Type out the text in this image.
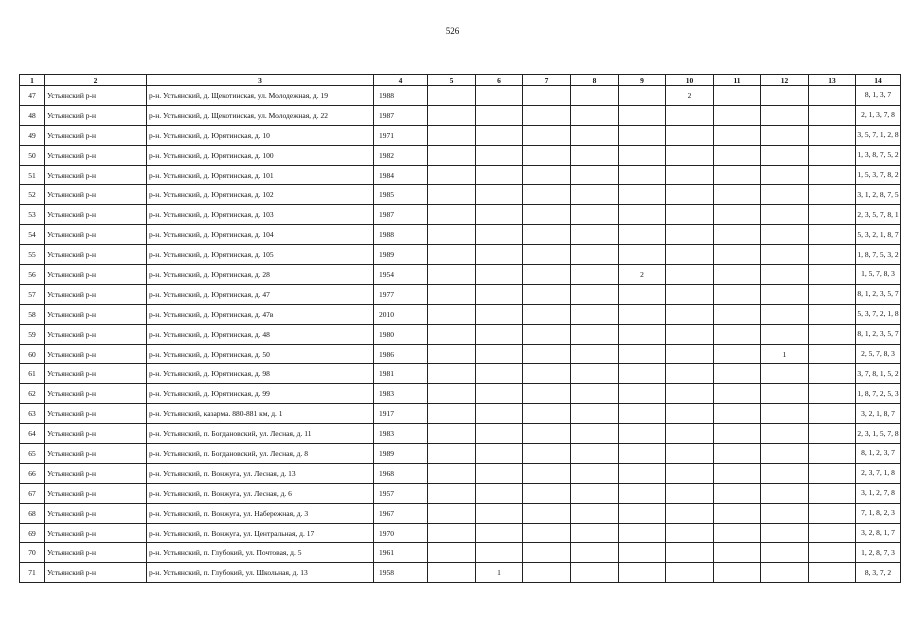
526
1	2	3	4	5	6	7	8	9	10	11	12	13	14
47	Устьянский р-н	р-н. Устьянский, д. Щекотинская, ул. Молодежная, д. 19	1988						2				8, 1, 3, 7
48	Устьянский р-н	р-н. Устьянский, д. Щекотинская, ул. Молодежная, д. 22	1987										2, 1, 3, 7, 8
49	Устьянский р-н	р-н. Устьянский, д. Юрятинская, д. 10	1971										3, 5, 7, 1, 2, 8
50	Устьянский р-н	р-н. Устьянский, д. Юрятинская, д. 100	1982										1, 3, 8, 7, 5, 2
51	Устьянский р-н	р-н. Устьянский, д. Юрятинская, д. 101	1984										1, 5, 3, 7, 8, 2
52	Устьянский р-н	р-н. Устьянский, д. Юрятинская, д. 102	1985										3, 1, 2, 8, 7, 5
53	Устьянский р-н	р-н. Устьянский, д. Юрятинская, д. 103	1987										2, 3, 5, 7, 8, 1
54	Устьянский р-н	р-н. Устьянский, д. Юрятинская, д. 104	1988										5, 3, 2, 1, 8, 7
55	Устьянский р-н	р-н. Устьянский, д. Юрятинская, д. 105	1989										1, 8, 7, 5, 3, 2
56	Устьянский р-н	р-н. Устьянский, д. Юрятинская, д. 28	1954					2					1, 5, 7, 8, 3
57	Устьянский р-н	р-н. Устьянский, д. Юрятинская, д. 47	1977										8, 1, 2, 3, 5, 7
58	Устьянский р-н	р-н. Устьянский, д. Юрятинская, д. 47в	2010										5, 3, 7, 2, 1, 8
59	Устьянский р-н	р-н. Устьянский, д. Юрятинская, д. 48	1980										8, 1, 2, 3, 5, 7
60	Устьянский р-н	р-н. Устьянский, д. Юрятинская, д. 50	1986								1		2, 5, 7, 8, 3
61	Устьянский р-н	р-н. Устьянский, д. Юрятинская, д. 98	1981										3, 7, 8, 1, 5, 2
62	Устьянский р-н	р-н. Устьянский, д. Юрятинская, д. 99	1983										1, 8, 7, 2, 5, 3
63	Устьянский р-н	р-н. Устьянский, казарма. 880-881 км, д. 1	1917										3, 2, 1, 8, 7
64	Устьянский р-н	р-н. Устьянский, п. Богдановский, ул. Лесная, д. 11	1983										2, 3, 1, 5, 7, 8
65	Устьянский р-н	р-н. Устьянский, п. Богдановский, ул. Лесная, д. 8	1989										8, 1, 2, 3, 7
66	Устьянский р-н	р-н. Устьянский, п. Вонжуга, ул. Лесная, д. 13	1968										2, 3, 7, 1, 8
67	Устьянский р-н	р-н. Устьянский, п. Вонжуга, ул. Лесная, д. 6	1957										3, 1, 2, 7, 8
68	Устьянский р-н	р-н. Устьянский, п. Вонжуга, ул. Набережная, д. 3	1967										7, 1, 8, 2, 3
69	Устьянский р-н	р-н. Устьянский, п. Вонжуга, ул. Центральная, д. 17	1970										3, 2, 8, 1, 7
70	Устьянский р-н	р-н. Устьянский, п. Глубокий, ул. Почтовая, д. 5	1961										1, 2, 8, 7, 3
71	Устьянский р-н	р-н. Устьянский, п. Глубокий, ул. Школьная, д. 13	1958		1								8, 3, 7, 2
